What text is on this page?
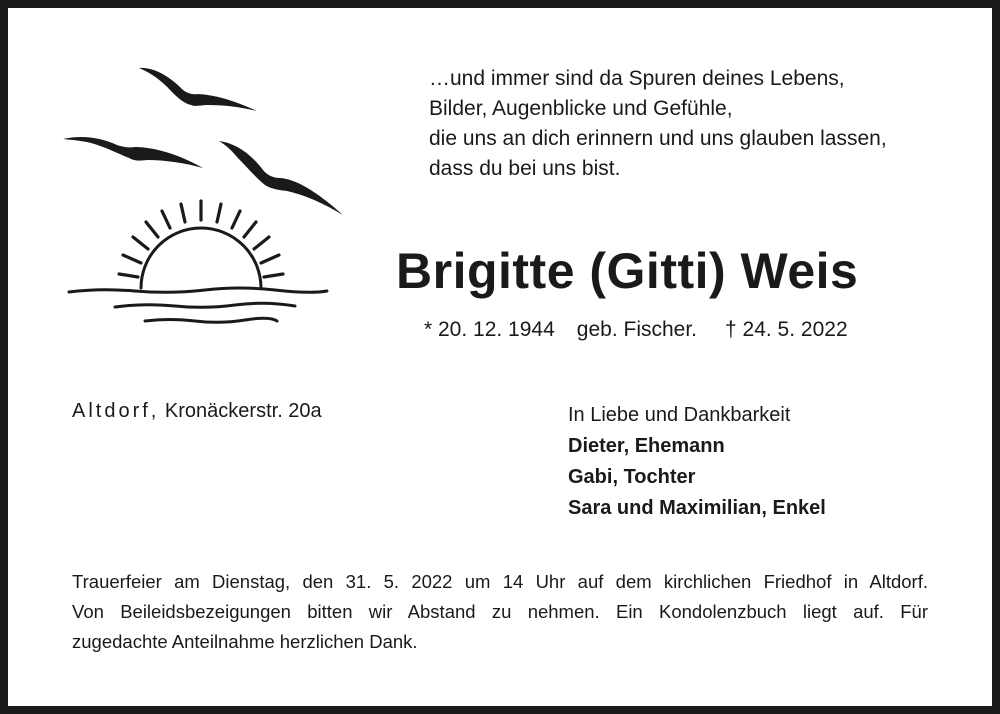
…und immer sind da Spuren deines Lebens,
Bilder, Augenblicke und Gefühle,
die uns an dich erinnern und uns glauben lassen,
dass du bei uns bist.
Brigitte (Gitti) Weis
* 20. 12. 1944 geb. Fischer. † 24. 5. 2022
Altdorf, Kronäckerstr. 20a	In Liebe und Dankbarkeit
Dieter, Ehemann
Gabi, Tochter
Sara und Maximilian, Enkel
Trauerfeier am Dienstag, den 31. 5. 2022 um 14 Uhr auf dem kirchlichen Friedhof in Altdorf.
Von Beileidsbezeigungen bitten wir Abstand zu nehmen. Ein Kondolenzbuch liegt auf. Für
zugedachte Anteilnahme herzlichen Dank.
